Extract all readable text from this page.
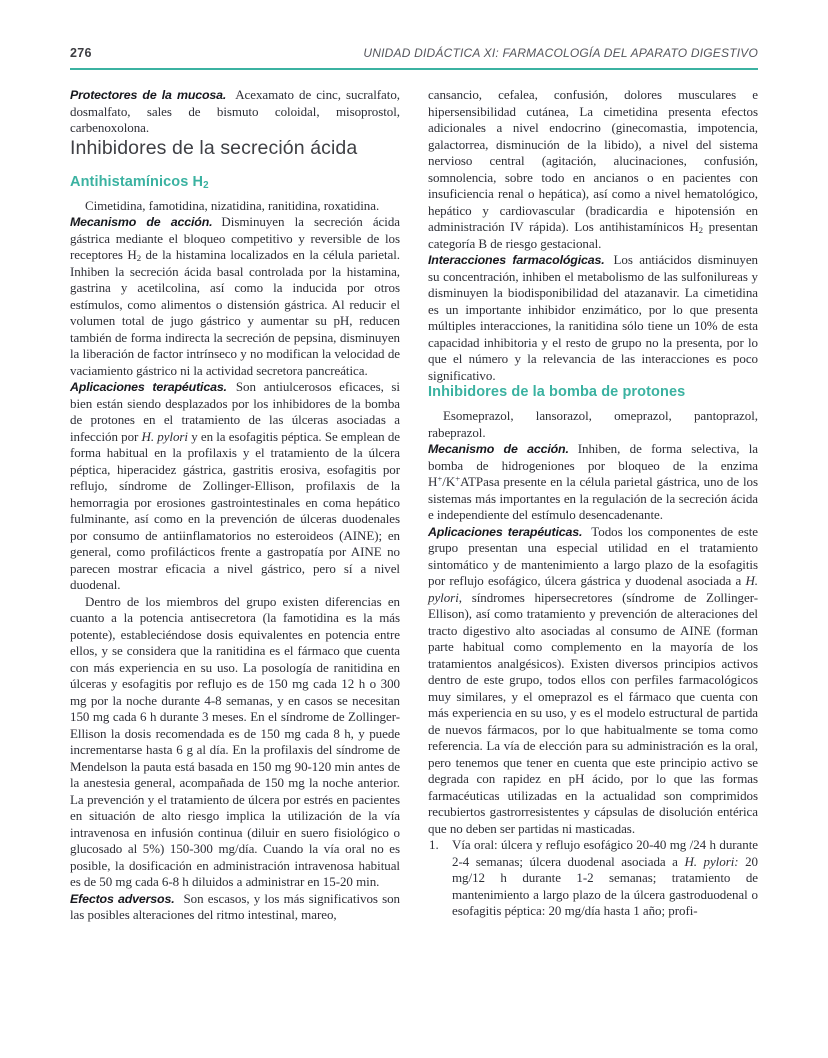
276	UNIDAD DIDÁCTICA XI: FARMACOLOGÍA DEL APARATO DIGESTIVO

Protectores de la mucosa. Acexamato de cinc, sucralfato, dosmalfato, sales de bismuto coloidal, misoprostol, carbenoxolona.

Inhibidores de la secreción ácida
Antihistamínicos $H_2$

Cimetidina, famotidina, nizatidina, ranitidina, roxatidina.

Mecanismo de acción. Disminuyen la secreción ácida gástrica mediante el bloqueo competitivo y reversible de los receptores $H_2$ de la histamina localizados en la célula parietal. Inhiben la secreción ácida basal controlada por la histamina, gastrina y acetilcolina, así como la inducida por otros estímulos, como alimentos o distensión gástrica. Al reducir el volumen total de jugo gástrico y aumentar su pH, reducen también de forma indirecta la secreción de pepsina, disminuyen la liberación de factor intrínseco y no modifican la velocidad de vaciamiento gástrico ni la actividad secretora pancreática.

Aplicaciones terapéuticas. Son antiulcerosos eficaces, si bien están siendo desplazados por los inhibidores de la bomba de protones en el tratamiento de las úlceras asociadas a infección por H. pylori y en la esofagitis péptica. Se emplean de forma habitual en la profilaxis y el tratamiento de la úlcera péptica, hiperacidez gástrica, gastritis erosiva, esofagitis por reflujo, síndrome de Zollinger-Ellison, profilaxis de la hemorragia por erosiones gastrointestinales en coma hepático fulminante, así como en la prevención de úlceras duodenales por consumo de antiinflamatorios no esteroideos (AINE); en general, como profilácticos frente a gastropatía por AINE no parecen mostrar eficacia a nivel gástrico, pero sí a nivel duodenal.

Dentro de los miembros del grupo existen diferencias en cuanto a la potencia antisecretora (la famotidina es la más potente), estableciéndose dosis equivalentes en potencia entre ellos, y se considera que la ranitidina es el fármaco que cuenta con más experiencia en su uso. La posología de ranitidina en úlceras y esofagitis por reflujo es de 150 mg cada 12 h o 300 mg por la noche durante 4-8 semanas, y en casos se necesitan 150 mg cada 6 h durante 3 meses. En el síndrome de Zollinger-Ellison la dosis recomendada es de 150 mg cada 8 h, y puede incrementarse hasta 6 g al día. En la profilaxis del síndrome de Mendelson la pauta está basada en 150 mg 90-120 min antes de la anestesia general, acompañada de 150 mg la noche anterior. La prevención y el tratamiento de úlcera por estrés en pacientes en situación de alto riesgo implica la utilización de la vía intravenosa en infusión continua (diluir en suero fisiológico o glucosado al 5%) 150-300 mg/día. Cuando la vía oral no es posible, la dosificación en administración intravenosa habitual es de 50 mg cada 6-8 h diluidos a administrar en 15-20 min.

Efectos adversos. Son escasos, y los más significativos son las posibles alteraciones del ritmo intestinal, mareo,

cansancio, cefalea, confusión, dolores musculares e hipersensibilidad cutánea, La cimetidina presenta efectos adicionales a nivel endocrino (ginecomastia, impotencia, galactorrea, disminución de la libido), a nivel del sistema nervioso central (agitación, alucinaciones, confusión, somnolencia, sobre todo en ancianos o en pacientes con insuficiencia renal o hepática), así como a nivel hematológico, hepático y cardiovascular (bradicardia e hipotensión en administración IV rápida). Los antihistamínicos $H_2$ presentan categoría B de riesgo gestacional.

Interacciones farmacológicas. Los antiácidos disminuyen su concentración, inhiben el metabolismo de las sulfonilureas y disminuyen la biodisponibilidad del atazanavir. La cimetidina es un importante inhibidor enzimático, por lo que presenta múltiples interacciones, la ranitidina sólo tiene un 10% de esta capacidad inhibitoria y el resto de grupo no la presenta, por lo que el número y la relevancia de las interacciones es poco significativo.

Inhibidores de la bomba de protones

Esomeprazol, lansorazol, omeprazol, pantoprazol, rabeprazol.

Mecanismo de acción. Inhiben, de forma selectiva, la bomba de hidrogeniones por bloqueo de la enzima H+/K+ATPasa presente en la célula parietal gástrica, uno de los sistemas más importantes en la regulación de la secreción ácida e independiente del estímulo desencadenante.

Aplicaciones terapéuticas. Todos los componentes de este grupo presentan una especial utilidad en el tratamiento sintomático y de mantenimiento a largo plazo de la esofagitis por reflujo esofágico, úlcera gástrica y duodenal asociada a H. pylori, síndromes hipersecretores (síndrome de Zollinger-Ellison), así como tratamiento y prevención de alteraciones del tracto digestivo alto asociadas al consumo de AINE (forman parte habitual como complemento en la mayoría de los tratamientos analgésicos). Existen diversos principios activos dentro de este grupo, todos ellos con perfiles farmacológicos muy similares, y el omeprazol es el fármaco que cuenta con más experiencia en su uso, y es el modelo estructural de partida de nuevos fármacos, por lo que habitualmente se toma como referencia. La vía de elección para su administración es la oral, pero tenemos que tener en cuenta que este principio activo se degrada con rapidez en pH ácido, por lo que las formas farmacéuticas utilizadas en la actualidad son comprimidos recubiertos gastrorresistentes y cápsulas de disolución entérica que no deben ser partidas ni masticadas.

1. Vía oral: úlcera y reflujo esofágico 20-40 mg /24 h durante 2-4 semanas; úlcera duodenal asociada a H. pylori: 20 mg/12 h durante 1-2 semanas; tratamiento de mantenimiento a largo plazo de la úlcera gastroduodenal o esofagitis péptica: 20 mg/día hasta 1 año; profi-
